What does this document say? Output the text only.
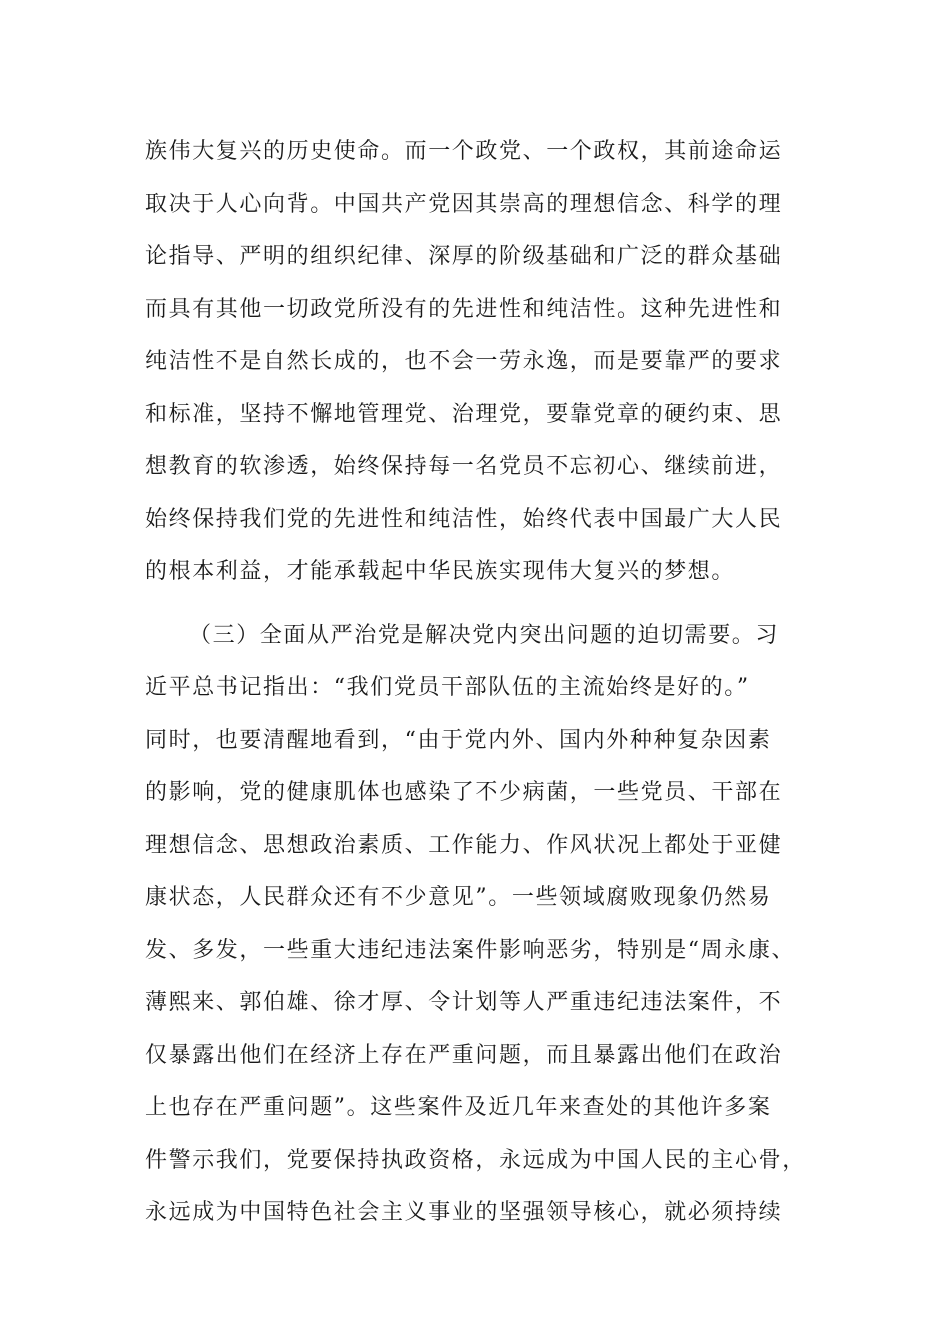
族伟大复兴的历史使命。而一个政党、一个政权，其前途命运
取决于人心向背。中国共产党因其崇高的理想信念、科学的理
论指导、严明的组织纪律、深厚的阶级基础和广泛的群众基础
而具有其他一切政党所没有的先进性和纯洁性。这种先进性和
纯洁性不是自然长成的，也不会一劳永逸，而是要靠严的要求
和标准，坚持不懈地管理党、治理党，要靠党章的硬约束、思
想教育的软渗透，始终保持每一名党员不忘初心、继续前进，
始终保持我们党的先进性和纯洁性，始终代表中国最广大人民
的根本利益，才能承载起中华民族实现伟大复兴的梦想。
（三）全面从严治党是解决党内突出问题的迫切需要。习
近平总书记指出：“我们党员干部队伍的主流始终是好的。”
同时，也要清醒地看到，“由于党内外、国内外种种复杂因素
的影响，党的健康肌体也感染了不少病菌，一些党员、干部在
理想信念、思想政治素质、工作能力、作风状况上都处于亚健
康状态，人民群众还有不少意见”。一些领域腐败现象仍然易
发、多发，一些重大违纪违法案件影响恶劣，特别是“周永康、
薄熙来、郭伯雄、徐才厚、令计划等人严重违纪违法案件，不
仅暴露出他们在经济上存在严重问题，而且暴露出他们在政治
上也存在严重问题”。这些案件及近几年来查处的其他许多案
件警示我们，党要保持执政资格，永远成为中国人民的主心骨，
永远成为中国特色社会主义事业的坚强领导核心，就必须持续
